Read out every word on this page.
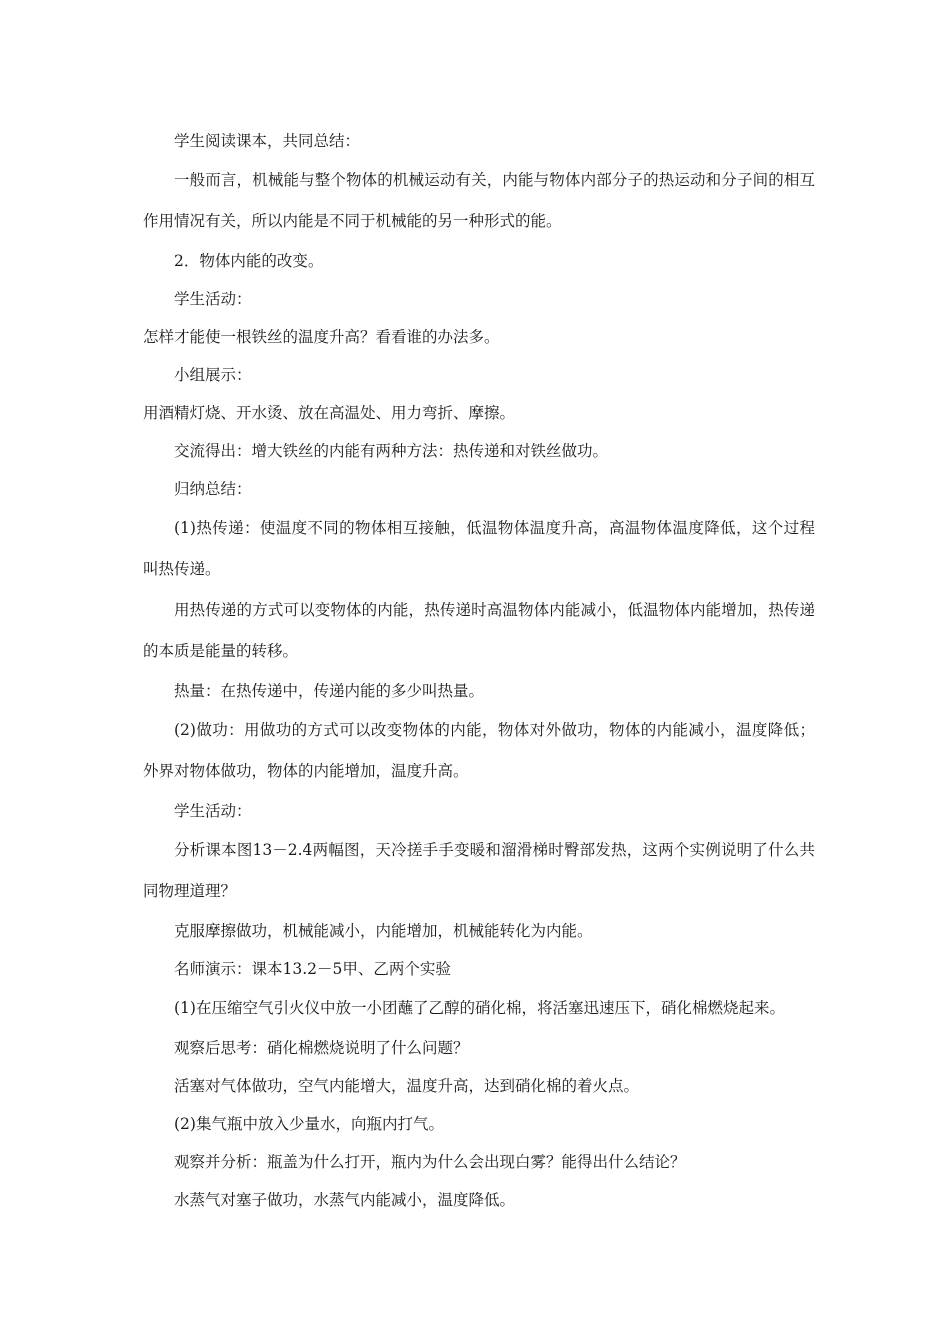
学生阅读课本，共同总结：

一般而言，机械能与整个物体的机械运动有关，内能与物体内部分子的热运动和分子间的相互作用情况有关，所以内能是不同于机械能的另一种形式的能。

2．物体内能的改变。

学生活动：

怎样才能使一根铁丝的温度升高？看看谁的办法多。

小组展示：

用酒精灯烧、开水烫、放在高温处、用力弯折、摩擦。

交流得出：增大铁丝的内能有两种方法：热传递和对铁丝做功。

归纳总结：

(1)热传递：使温度不同的物体相互接触，低温物体温度升高，高温物体温度降低，这个过程叫热传递。

用热传递的方式可以变物体的内能，热传递时高温物体内能减小，低温物体内能增加，热传递的本质是能量的转移。

热量：在热传递中，传递内能的多少叫热量。

(2)做功：用做功的方式可以改变物体的内能，物体对外做功，物体的内能减小，温度降低；外界对物体做功，物体的内能增加，温度升高。

学生活动：

分析课本图13－2.4两幅图，天冷搓手手变暖和溜滑梯时臀部发热，这两个实例说明了什么共同物理道理？

克服摩擦做功，机械能减小，内能增加，机械能转化为内能。

名师演示：课本13.2－5甲、乙两个实验

(1)在压缩空气引火仪中放一小团蘸了乙醇的硝化棉，将活塞迅速压下，硝化棉燃烧起来。

观察后思考：硝化棉燃烧说明了什么问题？

活塞对气体做功，空气内能增大，温度升高，达到硝化棉的着火点。

(2)集气瓶中放入少量水，向瓶内打气。

观察并分析：瓶盖为什么打开，瓶内为什么会出现白雾？能得出什么结论？

水蒸气对塞子做功，水蒸气内能减小，温度降低。
